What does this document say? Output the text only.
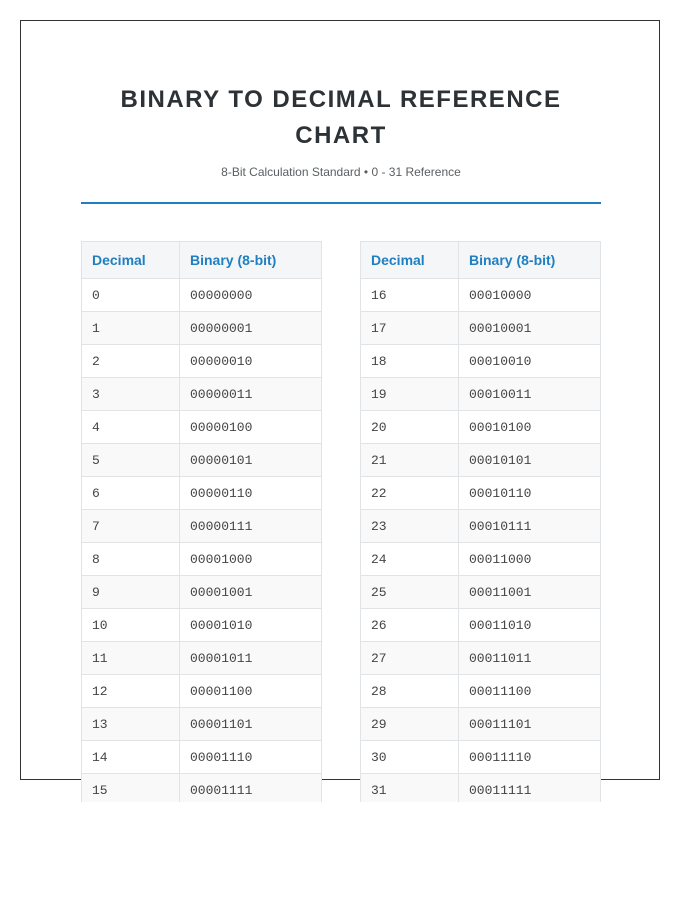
BINARY TO DECIMAL REFERENCE CHART
8-Bit Calculation Standard • 0 - 31 Reference
Decimal	Binary (8-bit)
0	00000000
1	00000001
2	00000010
3	00000011
4	00000100
5	00000101
6	00000110
7	00000111
8	00001000
9	00001001
10	00001010
11	00001011
12	00001100
13	00001101
14	00001110
15	00001111
Decimal	Binary (8-bit)
16	00010000
17	00010001
18	00010010
19	00010011
20	00010100
21	00010101
22	00010110
23	00010111
24	00011000
25	00011001
26	00011010
27	00011011
28	00011100
29	00011101
30	00011110
31	00011111
